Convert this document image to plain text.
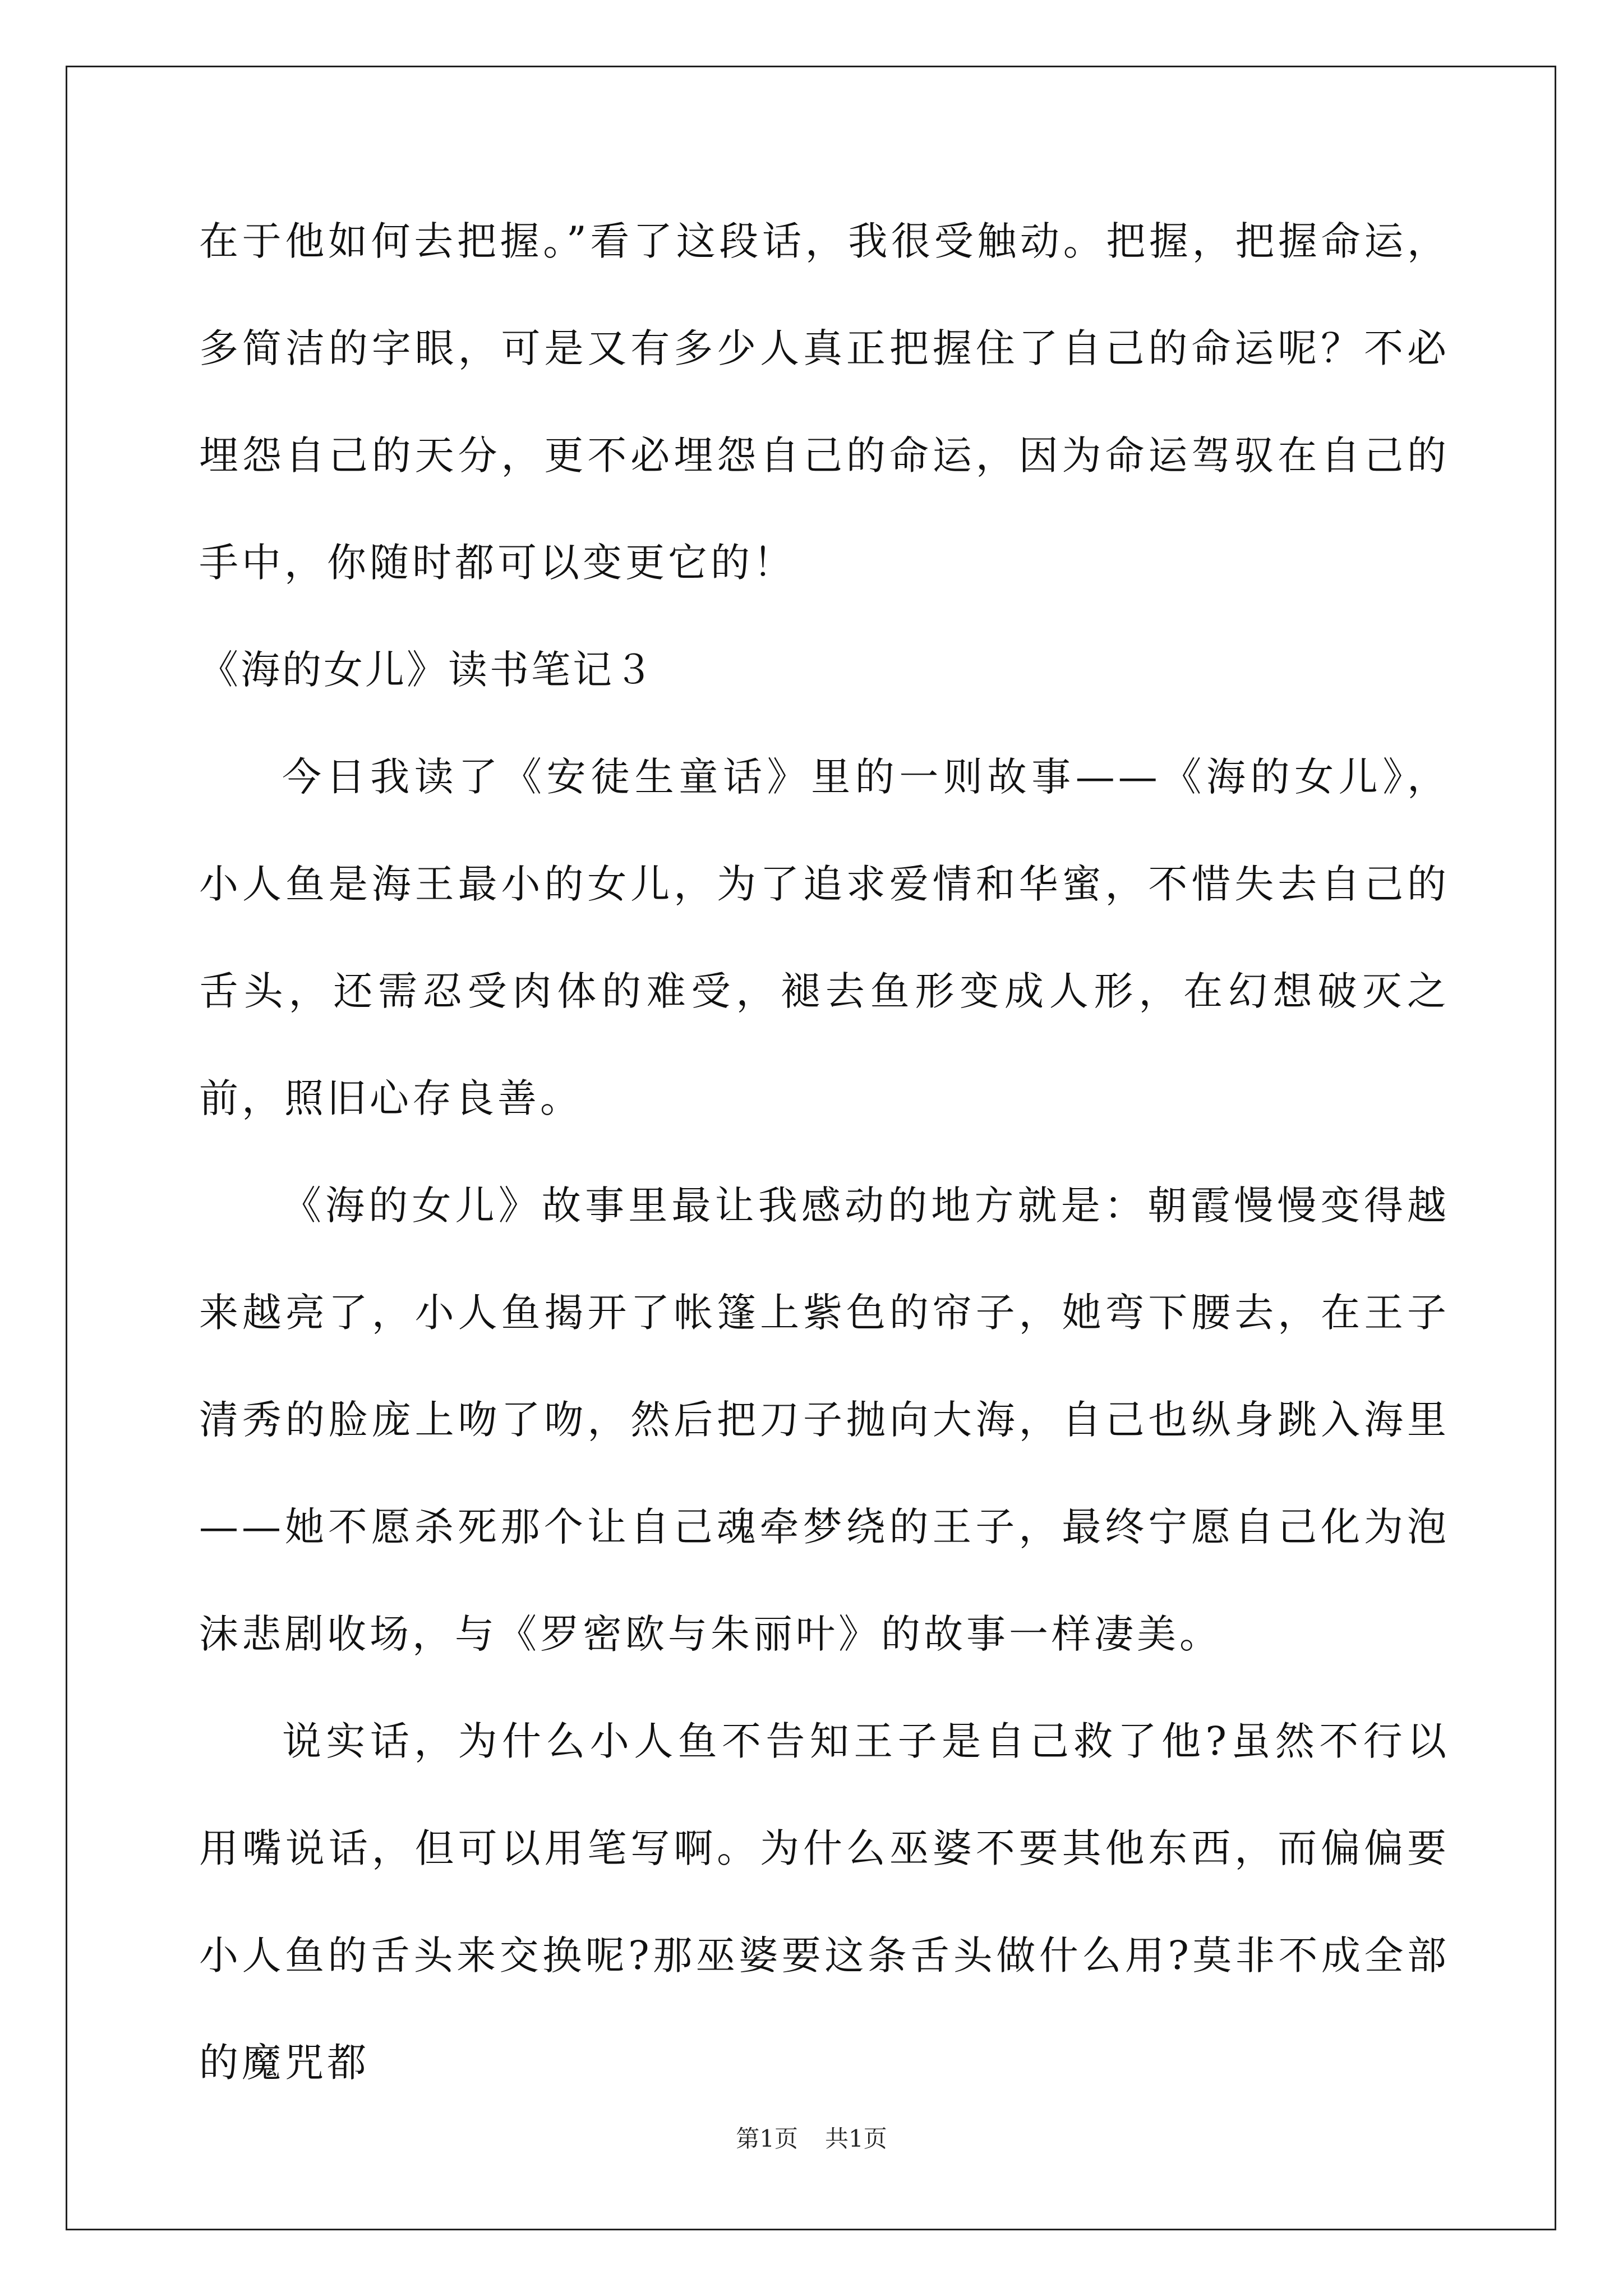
在于他如何去把握。”看了这段话，我很受触动。把握，把握命运，多简洁的字眼，可是又有多少人真正把握住了自己的命运呢？不必埋怨自己的天分，更不必埋怨自己的命运，因为命运驾驭在自己的手中，你随时都可以变更它的！

《海的女儿》读书笔记３

今日我读了《安徒生童话》里的一则故事——《海的女儿》，小人鱼是海王最小的女儿，为了追求爱情和华蜜，不惜失去自己的舌头，还需忍受肉体的难受，褪去鱼形变成人形，在幻想破灭之前，照旧心存良善。

《海的女儿》故事里最让我感动的地方就是：朝霞慢慢变得越来越亮了，小人鱼揭开了帐篷上紫色的帘子，她弯下腰去，在王子清秀的脸庞上吻了吻，然后把刀子抛向大海，自己也纵身跳入海里——她不愿杀死那个让自己魂牵梦绕的王子，最终宁愿自己化为泡沫悲剧收场，与《罗密欧与朱丽叶》的故事一样凄美。

说实话，为什么小人鱼不告知王子是自己救了他?虽然不行以用嘴说话，但可以用笔写啊。为什么巫婆不要其他东西，而偏偏要小人鱼的舌头来交换呢?那巫婆要这条舌头做什么用?莫非不成全部的魔咒都

第1页 共1页
